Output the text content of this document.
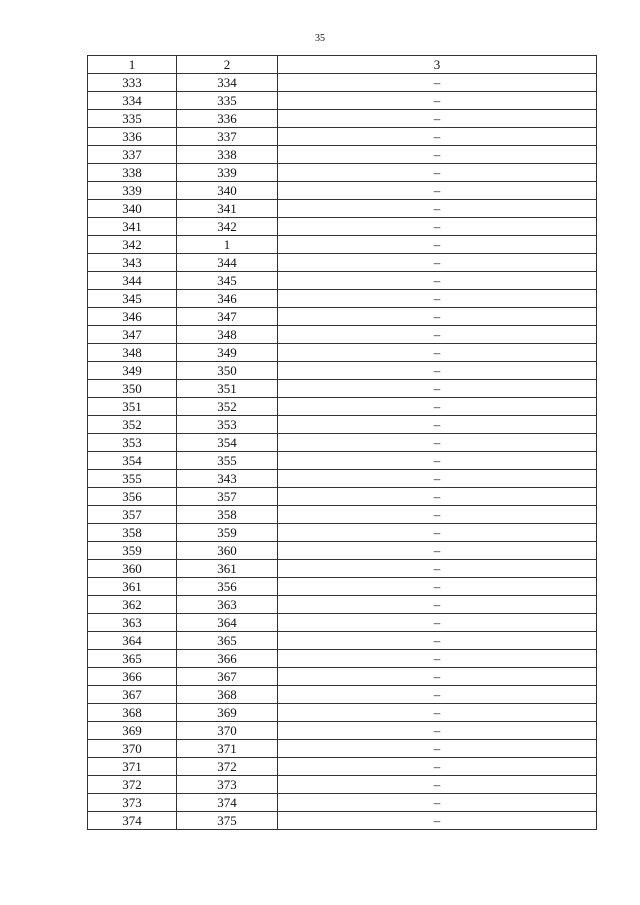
35
1	2	3
333	334	–
334	335	–
335	336	–
336	337	–
337	338	–
338	339	–
339	340	–
340	341	–
341	342	–
342	1	–
343	344	–
344	345	–
345	346	–
346	347	–
347	348	–
348	349	–
349	350	–
350	351	–
351	352	–
352	353	–
353	354	–
354	355	–
355	343	–
356	357	–
357	358	–
358	359	–
359	360	–
360	361	–
361	356	–
362	363	–
363	364	–
364	365	–
365	366	–
366	367	–
367	368	–
368	369	–
369	370	–
370	371	–
371	372	–
372	373	–
373	374	–
374	375	–
